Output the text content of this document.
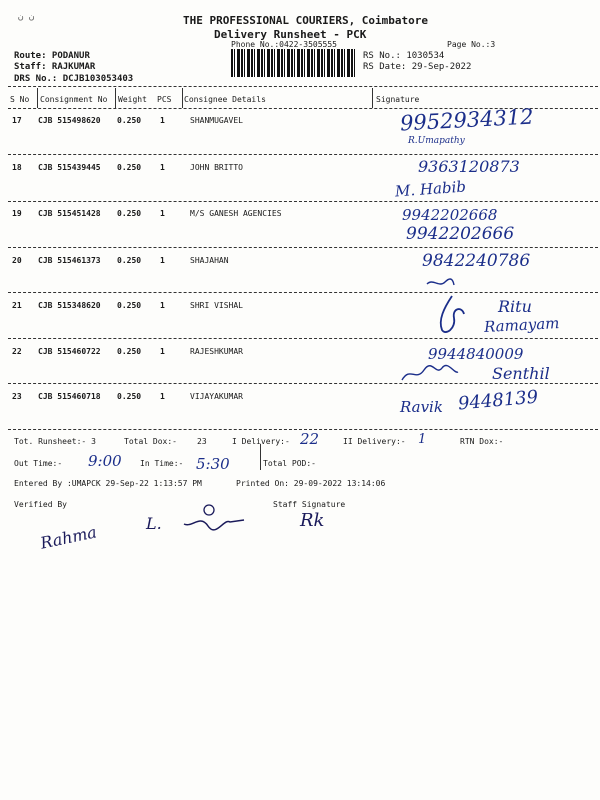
ن ن	THE PROFESSIONAL COURIERS, Coimbatore
Delivery Runsheet - PCK
Phone No.:0422-3505555	Page No.:3
Route: PODANUR
Staff: RAJKUMAR
DRS No.: DCJB103053403
RS No.: 1030534
RS Date: 29-Sep-2022
S No Consignment No Weight PCS Consignee Details	Signature
17 CJB 515498620 0.250 1	SHANMUGAVEL	9952934312
R.Umapathy
18 CJB 515439445 0.250 1	JOHN BRITTO	9363120873
M. Habib
19 CJB 515451428 0.250 1	M/S GANESH AGENCIES	9942202668
9942202666
20 CJB 515461373 0.250 1	SHAJAHAN	9842240786
21 CJB 515348620 0.250 1	SHRI VISHAL	Ritu
Ramayam
22 CJB 515460722 0.250 1	RAJESHKUMAR	9944840009
Senthil
23 CJB 515460718 0.250 1	VIJAYAKUMAR
Ravik 9448139
Tot. Runsheet:- 3	Total Dox:-	23	I Delivery:- 22	II Delivery:- 1	RTN Dox:-
Out Time:- 9:00 In Time:- 5:30	Total POD:-
Entered By :UMAPCK 29-Sep-22 1:13:57 PM	Printed On: 29-09-2022 13:14:06
Verified By	Staff Signature
Rahma	L.	Rk
